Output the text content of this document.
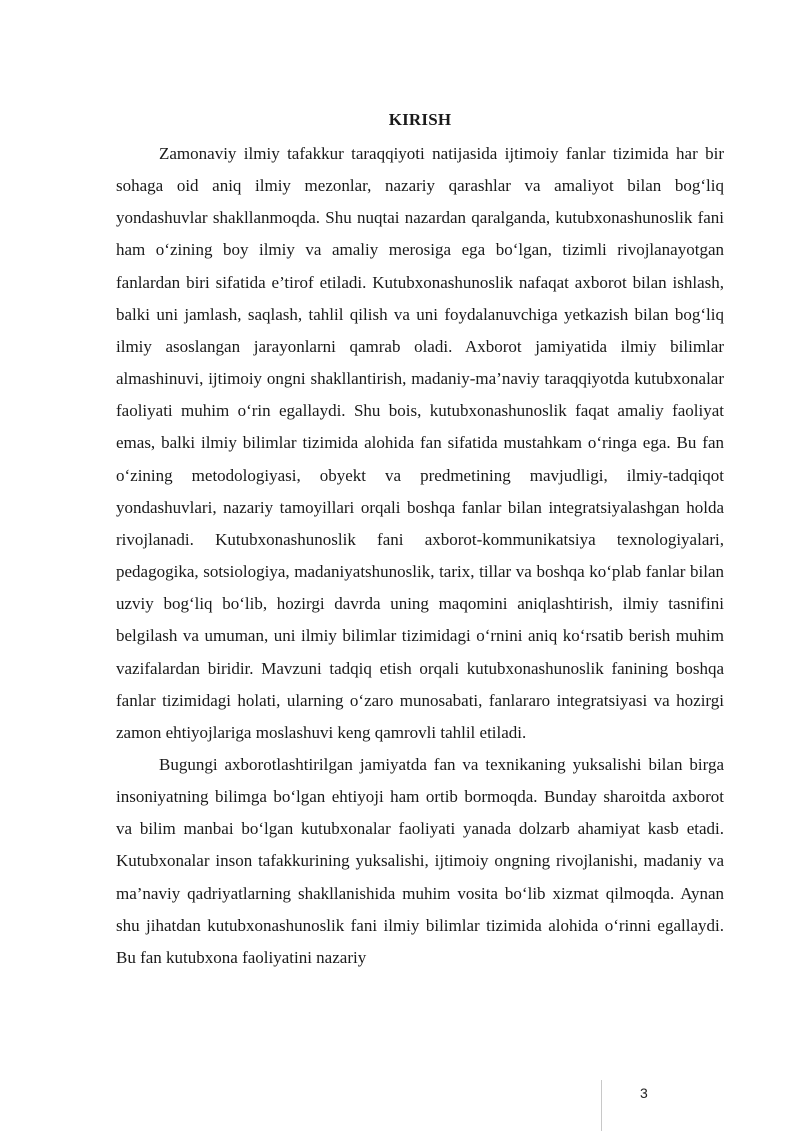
KIRISH

Zamonaviy ilmiy tafakkur taraqqiyoti natijasida ijtimoiy fanlar tizimida har bir sohaga oid aniq ilmiy mezonlar, nazariy qarashlar va amaliyot bilan bog‘liq yondashuvlar shakllanmoqda. Shu nuqtai nazardan qaralganda, kutubxonashunoslik fani ham o‘zining boy ilmiy va amaliy merosiga ega bo‘lgan, tizimli rivojlanayotgan fanlardan biri sifatida e’tirof etiladi. Kutubxonashunoslik nafaqat axborot bilan ishlash, balki uni jamlash, saqlash, tahlil qilish va uni foydalanuvchiga yetkazish bilan bog‘liq ilmiy asoslangan jarayonlarni qamrab oladi. Axborot jamiyatida ilmiy bilimlar almashinuvi, ijtimoiy ongni shakllantirish, madaniy-ma’naviy taraqqiyotda kutubxonalar faoliyati muhim o‘rin egallaydi. Shu bois, kutubxonashunoslik faqat amaliy faoliyat emas, balki ilmiy bilimlar tizimida alohida fan sifatida mustahkam o‘ringa ega. Bu fan o‘zining metodologiyasi, obyekt va predmetining mavjudligi, ilmiy-tadqiqot yondashuvlari, nazariy tamoyillari orqali boshqa fanlar bilan integratsiyalashgan holda rivojlanadi. Kutubxonashunoslik fani axborot-kommunikatsiya texnologiyalari, pedagogika, sotsiologiya, madaniyatshunoslik, tarix, tillar va boshqa ko‘plab fanlar bilan uzviy bog‘liq bo‘lib, hozirgi davrda uning maqomini aniqlashtirish, ilmiy tasnifini belgilash va umuman, uni ilmiy bilimlar tizimidagi o‘rnini aniq ko‘rsatib berish muhim vazifalardan biridir. Mavzuni tadqiq etish orqali kutubxonashunoslik fanining boshqa fanlar tizimidagi holati, ularning o‘zaro munosabati, fanlararo integratsiyasi va hozirgi zamon ehtiyojlariga moslashuvi keng qamrovli tahlil etiladi.

Bugungi axborotlashtirilgan jamiyatda fan va texnikaning yuksalishi bilan birga insoniyatning bilimga bo‘lgan ehtiyoji ham ortib bormoqda. Bunday sharoitda axborot va bilim manbai bo‘lgan kutubxonalar faoliyati yanada dolzarb ahamiyat kasb etadi. Kutubxonalar inson tafakkurining yuksalishi, ijtimoiy ongning rivojlanishi, madaniy va ma’naviy qadriyatlarning shakllanishida muhim vosita bo‘lib xizmat qilmoqda. Aynan shu jihatdan kutubxonashunoslik fani ilmiy bilimlar tizimida alohida o‘rinni egallaydi. Bu fan kutubxona faoliyatini nazariy

3
